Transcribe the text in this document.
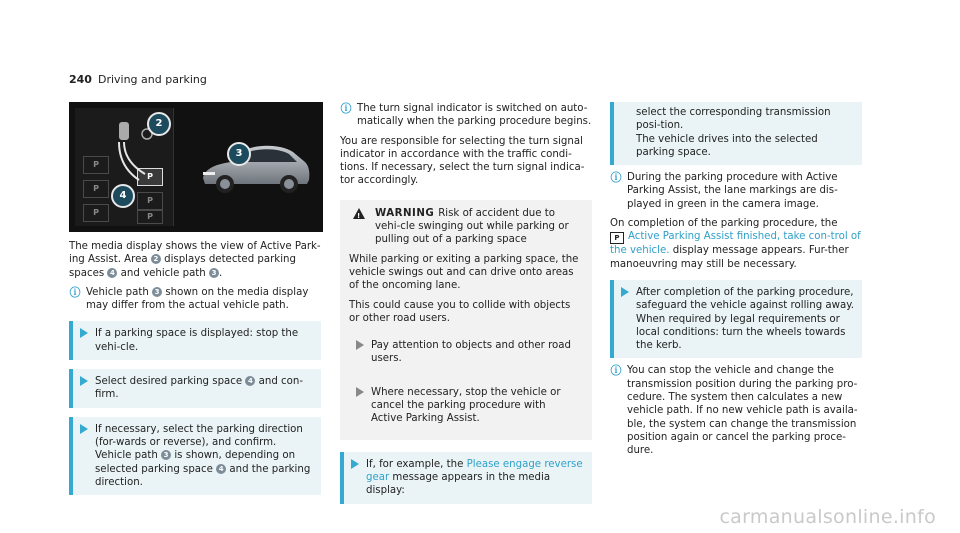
240 Driving and parking
P
P
P
P
P
P
2
3
4

The media display shows the view of Active Park-ing Assist. Area 2 displays detected parking spaces 4 and vehicle path 3 .

ⓘ Vehicle path 3 shown on the media display may differ from the actual vehicle path.
If a parking space is displayed: stop the vehi-cle.
Select desired parking space 4 and con-firm.
If necessary, select the parking direction (for-wards or reverse), and confirm.
Vehicle path 3 is shown, depending on selected parking space 4 and the parking direction.
ⓘ The turn signal indicator is switched on auto-matically when the parking procedure begins.

You are responsible for selecting the turn signal indicator in accordance with the traffic condi-tions. If necessary, select the turn signal indica-tor accordingly.

! WARNING Risk of accident due to vehi-cle swinging out while parking or pulling out of a parking space

While parking or exiting a parking space, the vehicle swings out and can drive onto areas of the oncoming lane.

This could cause you to collide with objects or other road users.

Pay attention to objects and other road users.
Where necessary, stop the vehicle or cancel the parking procedure with Active Parking Assist.
If, for example, the Please engage reverse gear message appears in the media display:
select the corresponding transmission posi-tion.
The vehicle drives into the selected parking space.
ⓘ During the parking procedure with Active Parking Assist, the lane markings are dis-played in green in the camera image.

On completion of the parking procedure, the
P Active Parking Assist finished, take con-trol of the vehicle. display message appears. Fur-ther manoeuvring may still be necessary.

After completion of the parking procedure, safeguard the vehicle against rolling away. When required by legal requirements or local conditions: turn the wheels towards the kerb.
ⓘ You can stop the vehicle and change the transmission position during the parking pro-cedure. The system then calculates a new vehicle path. If no new vehicle path is availa-ble, the system can change the transmission position again or cancel the parking proce-dure.
carmanualsonline.info
